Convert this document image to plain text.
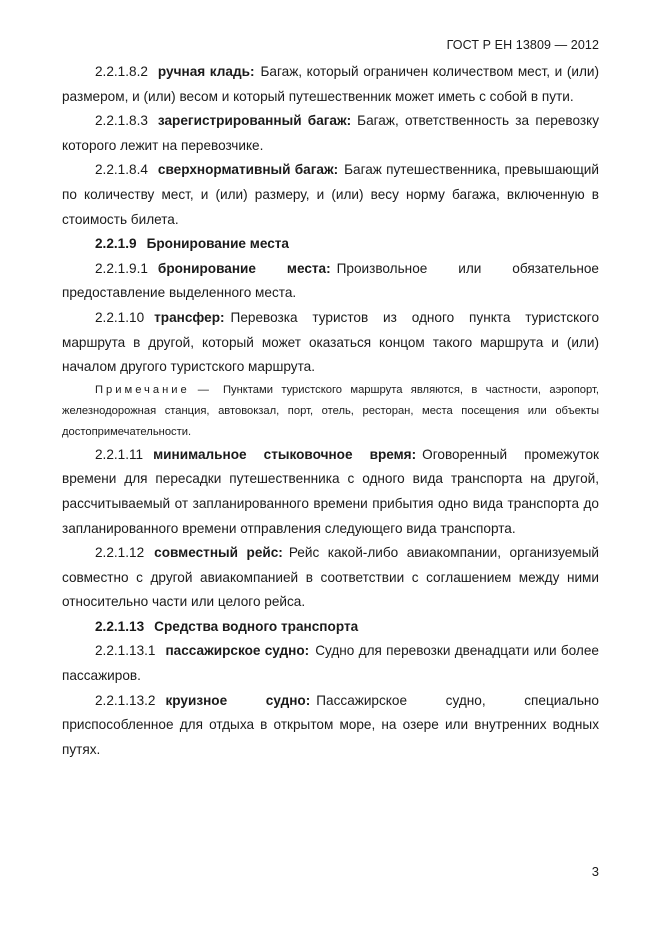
ГОСТ Р ЕН 13809 — 2012

2.2.1.8.2 ручная кладь: Багаж, который ограничен количеством мест, и (или) размером, и (или) весом и который путешественник может иметь с собой в пути.

2.2.1.8.3 зарегистрированный багаж: Багаж, ответственность за перевозку которого лежит на перевозчике.

2.2.1.8.4 сверхнормативный багаж: Багаж путешественника, превышающий по количеству мест, и (или) размеру, и (или) весу норму багажа, включенную в стоимость билета.

2.2.1.9 Бронирование места

2.2.1.9.1 бронирование места: Произвольное или обязательное предоставление выделенного места.

2.2.1.10 трансфер: Перевозка туристов из одного пункта туристского маршрута в другой, который может оказаться концом такого маршрута и (или) началом другого туристского маршрута.

Примечание — Пунктами туристского маршрута являются, в частности, аэропорт, железнодорожная станция, автовокзал, порт, отель, ресторан, места посещения или объекты достопримечательности.

2.2.1.11 минимальное стыковочное время: Оговоренный промежуток времени для пересадки путешественника с одного вида транспорта на другой, рассчитываемый от запланированного времени прибытия одно вида транспорта до запланированного времени отправления следующего вида транспорта.

2.2.1.12 совместный рейс: Рейс какой-либо авиакомпании, организуемый совместно с другой авиакомпанией в соответствии с соглашением между ними относительно части или целого рейса.

2.2.1.13 Средства водного транспорта

2.2.1.13.1 пассажирское судно: Судно для перевозки двенадцати или более пассажиров.

2.2.1.13.2 круизное судно: Пассажирское судно, специально приспособленное для отдыха в открытом море, на озере или внутренних водных путях.

3
